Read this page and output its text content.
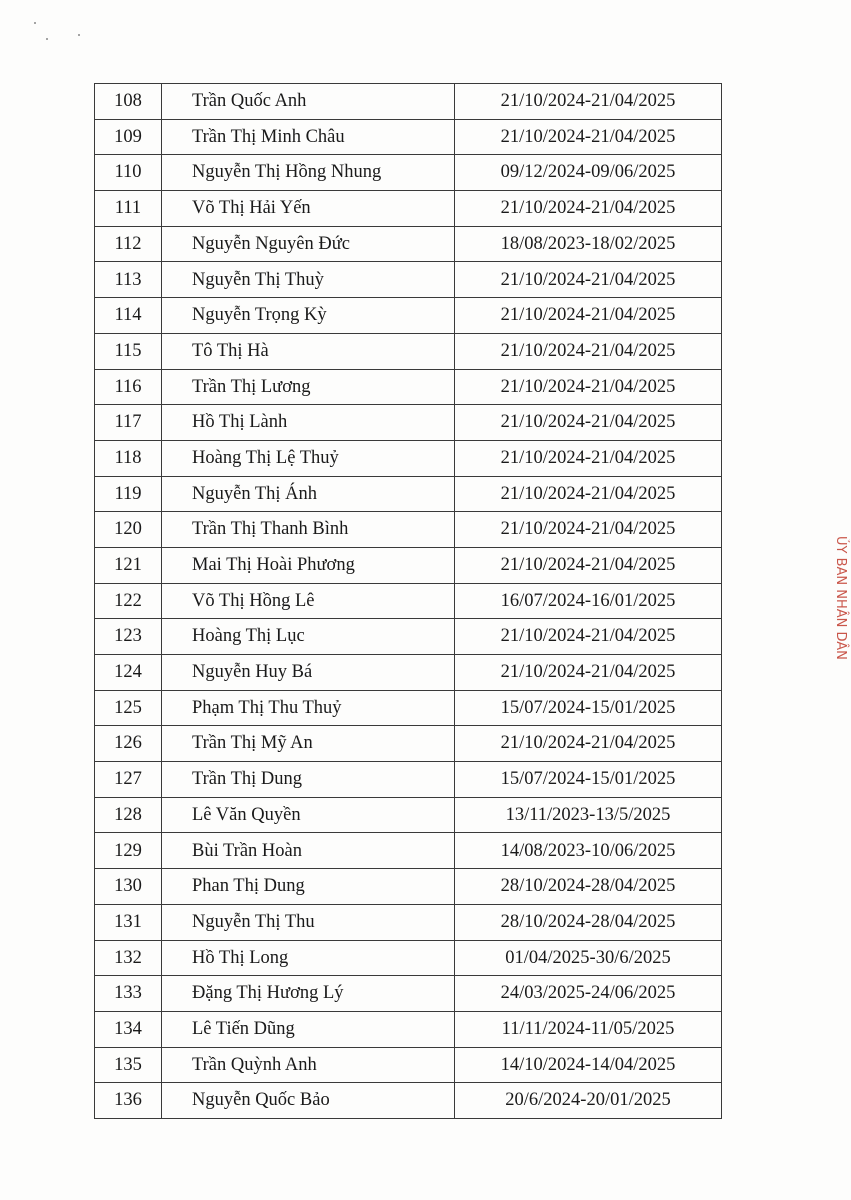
108	Trần Quốc Anh	21/10/2024-21/04/2025
109	Trần Thị Minh Châu	21/10/2024-21/04/2025
110	Nguyễn Thị Hồng Nhung	09/12/2024-09/06/2025
111	Võ Thị Hải Yến	21/10/2024-21/04/2025
112	Nguyễn Nguyên Đức	18/08/2023-18/02/2025
113	Nguyễn Thị Thuỳ	21/10/2024-21/04/2025
114	Nguyễn Trọng Kỳ	21/10/2024-21/04/2025
115	Tô Thị Hà	21/10/2024-21/04/2025
116	Trần Thị Lương	21/10/2024-21/04/2025
117	Hồ Thị Lành	21/10/2024-21/04/2025
118	Hoàng Thị Lệ Thuỷ	21/10/2024-21/04/2025
119	Nguyễn Thị Ánh	21/10/2024-21/04/2025
120	Trần Thị Thanh Bình	21/10/2024-21/04/2025
121	Mai Thị Hoài Phương	21/10/2024-21/04/2025
122	Võ Thị Hồng Lê	16/07/2024-16/01/2025
123	Hoàng Thị Lục	21/10/2024-21/04/2025
124	Nguyễn Huy Bá	21/10/2024-21/04/2025
125	Phạm Thị Thu Thuỷ	15/07/2024-15/01/2025
126	Trần Thị Mỹ An	21/10/2024-21/04/2025
127	Trần Thị Dung	15/07/2024-15/01/2025
128	Lê Văn Quyền	13/11/2023-13/5/2025
129	Bùi Trần Hoàn	14/08/2023-10/06/2025
130	Phan Thị Dung	28/10/2024-28/04/2025
131	Nguyễn Thị Thu	28/10/2024-28/04/2025
132	Hồ Thị Long	01/04/2025-30/6/2025
133	Đặng Thị Hương Lý	24/03/2025-24/06/2025
134	Lê Tiến Dũng	11/11/2024-11/05/2025
135	Trần Quỳnh Anh	14/10/2024-14/04/2025
136	Nguyễn Quốc Bảo	20/6/2024-20/01/2025
ỦY BAN NHÂN DÂN
